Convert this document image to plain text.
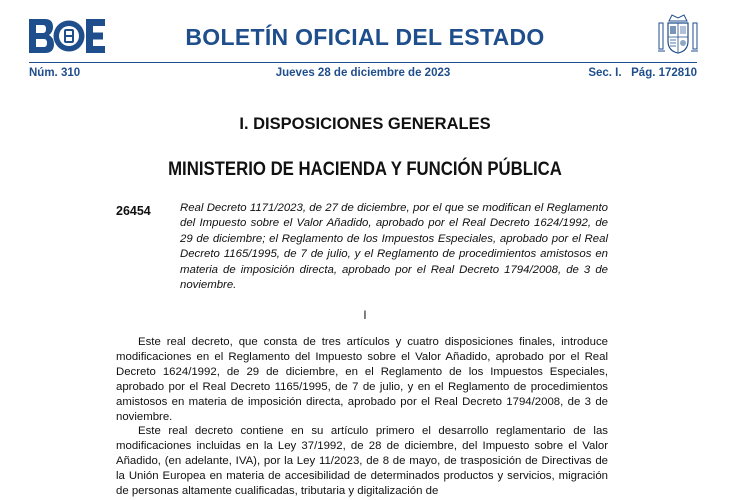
BOLETÍN OFICIAL DEL ESTADO
Núm. 310	Jueves 28 de diciembre de 2023	Sec. I.   Pág. 172810
I. DISPOSICIONES GENERALES
MINISTERIO DE HACIENDA Y FUNCIÓN PÚBLICA
26454	Real Decreto 1171/2023, de 27 de diciembre, por el que se modifican el Reglamento del Impuesto sobre el Valor Añadido, aprobado por el Real Decreto 1624/1992, de 29 de diciembre; el Reglamento de los Impuestos Especiales, aprobado por el Real Decreto 1165/1995, de 7 de julio, y el Reglamento de procedimientos amistosos en materia de imposición directa, aprobado por el Real Decreto 1794/2008, de 3 de noviembre.

I

Este real decreto, que consta de tres artículos y cuatro disposiciones finales, introduce modificaciones en el Reglamento del Impuesto sobre el Valor Añadido, aprobado por el Real Decreto 1624/1992, de 29 de diciembre, en el Reglamento de los Impuestos Especiales, aprobado por el Real Decreto 1165/1995, de 7 de julio, y en el Reglamento de procedimientos amistosos en materia de imposición directa, aprobado por el Real Decreto 1794/2008, de 3 de noviembre.

Este real decreto contiene en su artículo primero el desarrollo reglamentario de las modificaciones incluidas en la Ley 37/1992, de 28 de diciembre, del Impuesto sobre el Valor Añadido, (en adelante, IVA), por la Ley 11/2023, de 8 de mayo, de trasposición de Directivas de la Unión Europea en materia de accesibilidad de determinados productos y servicios, migración de personas altamente cualificadas, tributaria y digitalización de
